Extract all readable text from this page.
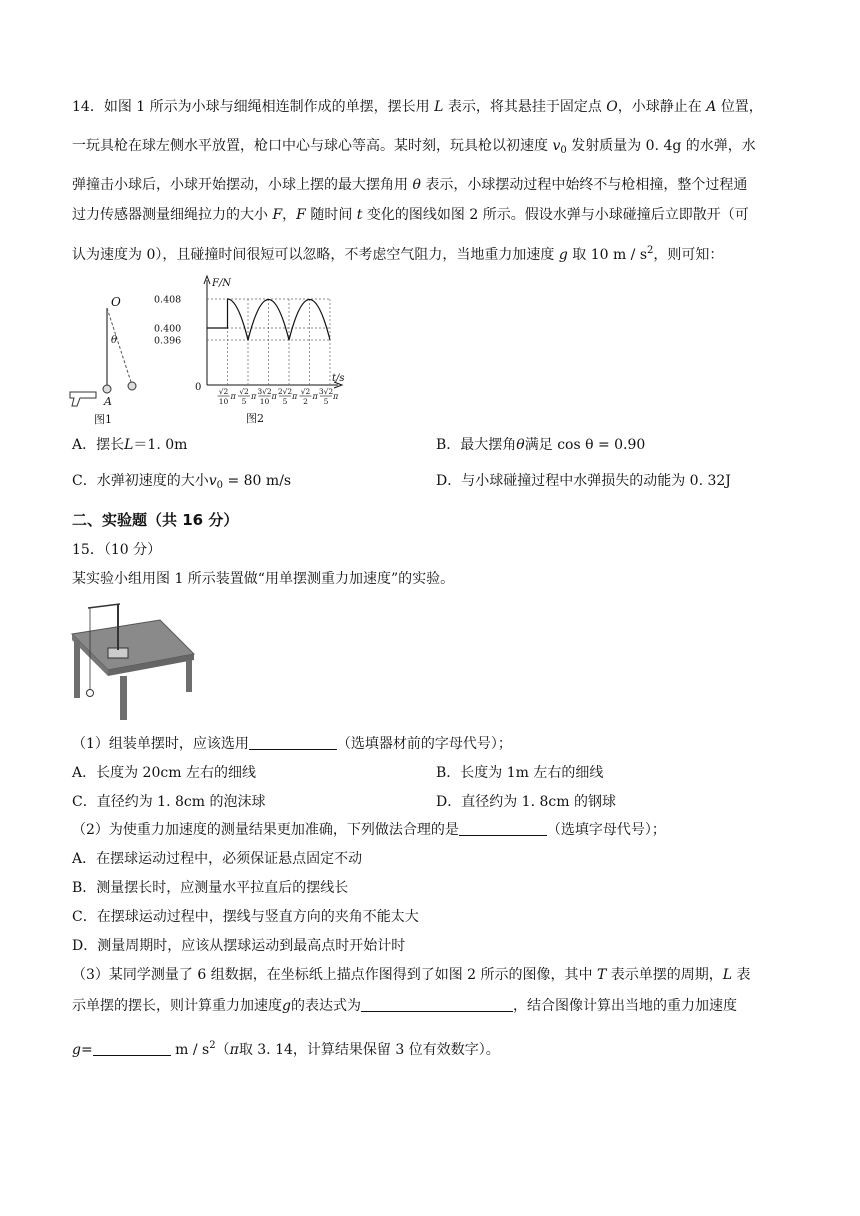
14．如图 1 所示为小球与细绳相连制作成的单摆，摆长用 L 表示，将其悬挂于固定点 O，小球静止在 A 位置，
一玩具枪在球左侧水平放置，枪口中心与球心等高。某时刻，玩具枪以初速度 $v_0$ 发射质量为 0. 4g 的水弹，水
弹撞击小球后，小球开始摆动，小球上摆的最大摆角用 θ 表示，小球摆动过程中始终不与枪相撞，整个过程通
过力传感器测量细绳拉力的大小 F，F 随时间 t 变化的图线如图 2 所示。假设水弹与小球碰撞后立即散开（可
认为速度为 0），且碰撞时间很短可以忽略，不考虑空气阻力，当地重力加速度 g 取 10 m / $s^2$，则可知：
O
θ
A
图1
F/N
t/s
0
0.408
0.400
0.396
√2
10
π
√2
5
π
3√2
10
π
2√2
5
π
√2
2
π
3√2
5
π
图2
A．摆长L＝1. 0m	B．最大摆角θ满足 cos θ = 0.90
C．水弹初速度的大小$v_0 = 80$ m/s	D．与小球碰撞过程中水弹损失的动能为 0. 32J
二、实验题（共 16 分）
15．（10 分）
某实验小组用图 1 所示装置做“用单摆测重力加速度”的实验。
（1）组装单摆时，应该选用	（选填器材前的字母代号）；
A．长度为 20cm 左右的细线	B．长度为 1m 左右的细线
C．直径约为 1. 8cm 的泡沫球	D．直径约为 1. 8cm 的钢球
（2）为使重力加速度的测量结果更加准确，下列做法合理的是	（选填字母代号）；
A．在摆球运动过程中，必须保证悬点固定不动
B．测量摆长时，应测量水平拉直后的摆线长
C．在摆球运动过程中，摆线与竖直方向的夹角不能太大
D．测量周期时，应该从摆球运动到最高点时开始计时
（3）某同学测量了 6 组数据，在坐标纸上描点作图得到了如图 2 所示的图像，其中 T 表示单摆的周期，L 表
示单摆的摆长，则计算重力加速度g的表达式为	，结合图像计算出当地的重力加速度
g=	m / $s^2(\pi$取 3. 14，计算结果保留 3 位有效数字）。
